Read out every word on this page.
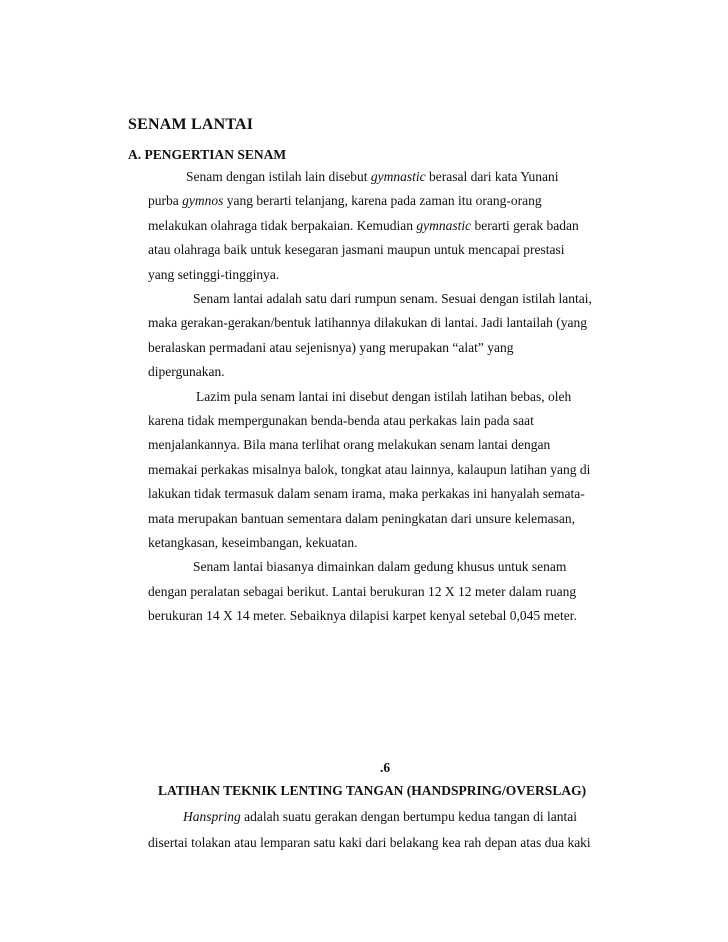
SENAM LANTAI
A. PENGERTIAN SENAM
Senam dengan istilah lain disebut gymnastic berasal dari kata Yunani
purba gymnos yang berarti telanjang, karena pada zaman itu orang-orang
melakukan olahraga tidak berpakaian. Kemudian gymnastic berarti gerak badan
atau olahraga baik untuk kesegaran jasmani maupun untuk mencapai prestasi
yang setinggi-tingginya.
Senam lantai adalah satu dari rumpun senam. Sesuai dengan istilah lantai,
maka gerakan-gerakan/bentuk latihannya dilakukan di lantai. Jadi lantailah (yang
beralaskan permadani atau sejenisnya) yang merupakan “alat” yang
dipergunakan.
Lazim pula senam lantai ini disebut dengan istilah latihan bebas, oleh
karena tidak mempergunakan benda-benda atau perkakas lain pada saat
menjalankannya. Bila mana terlihat orang melakukan senam lantai dengan
memakai perkakas misalnya balok, tongkat atau lainnya, kalaupun latihan yang di
lakukan tidak termasuk dalam senam irama, maka perkakas ini hanyalah semata-
mata merupakan bantuan sementara dalam peningkatan dari unsure kelemasan,
ketangkasan, keseimbangan, kekuatan.
Senam lantai biasanya dimainkan dalam gedung khusus untuk senam
dengan peralatan sebagai berikut. Lantai berukuran 12 X 12 meter dalam ruang
berukuran 14 X 14 meter. Sebaiknya dilapisi karpet kenyal setebal 0,045 meter.
.6
LATIHAN TEKNIK LENTING TANGAN (HANDSPRING/OVERSLAG)
Hanspring adalah suatu gerakan dengan bertumpu kedua tangan di lantai
disertai tolakan atau lemparan satu kaki dari belakang kea rah depan atas dua kaki
